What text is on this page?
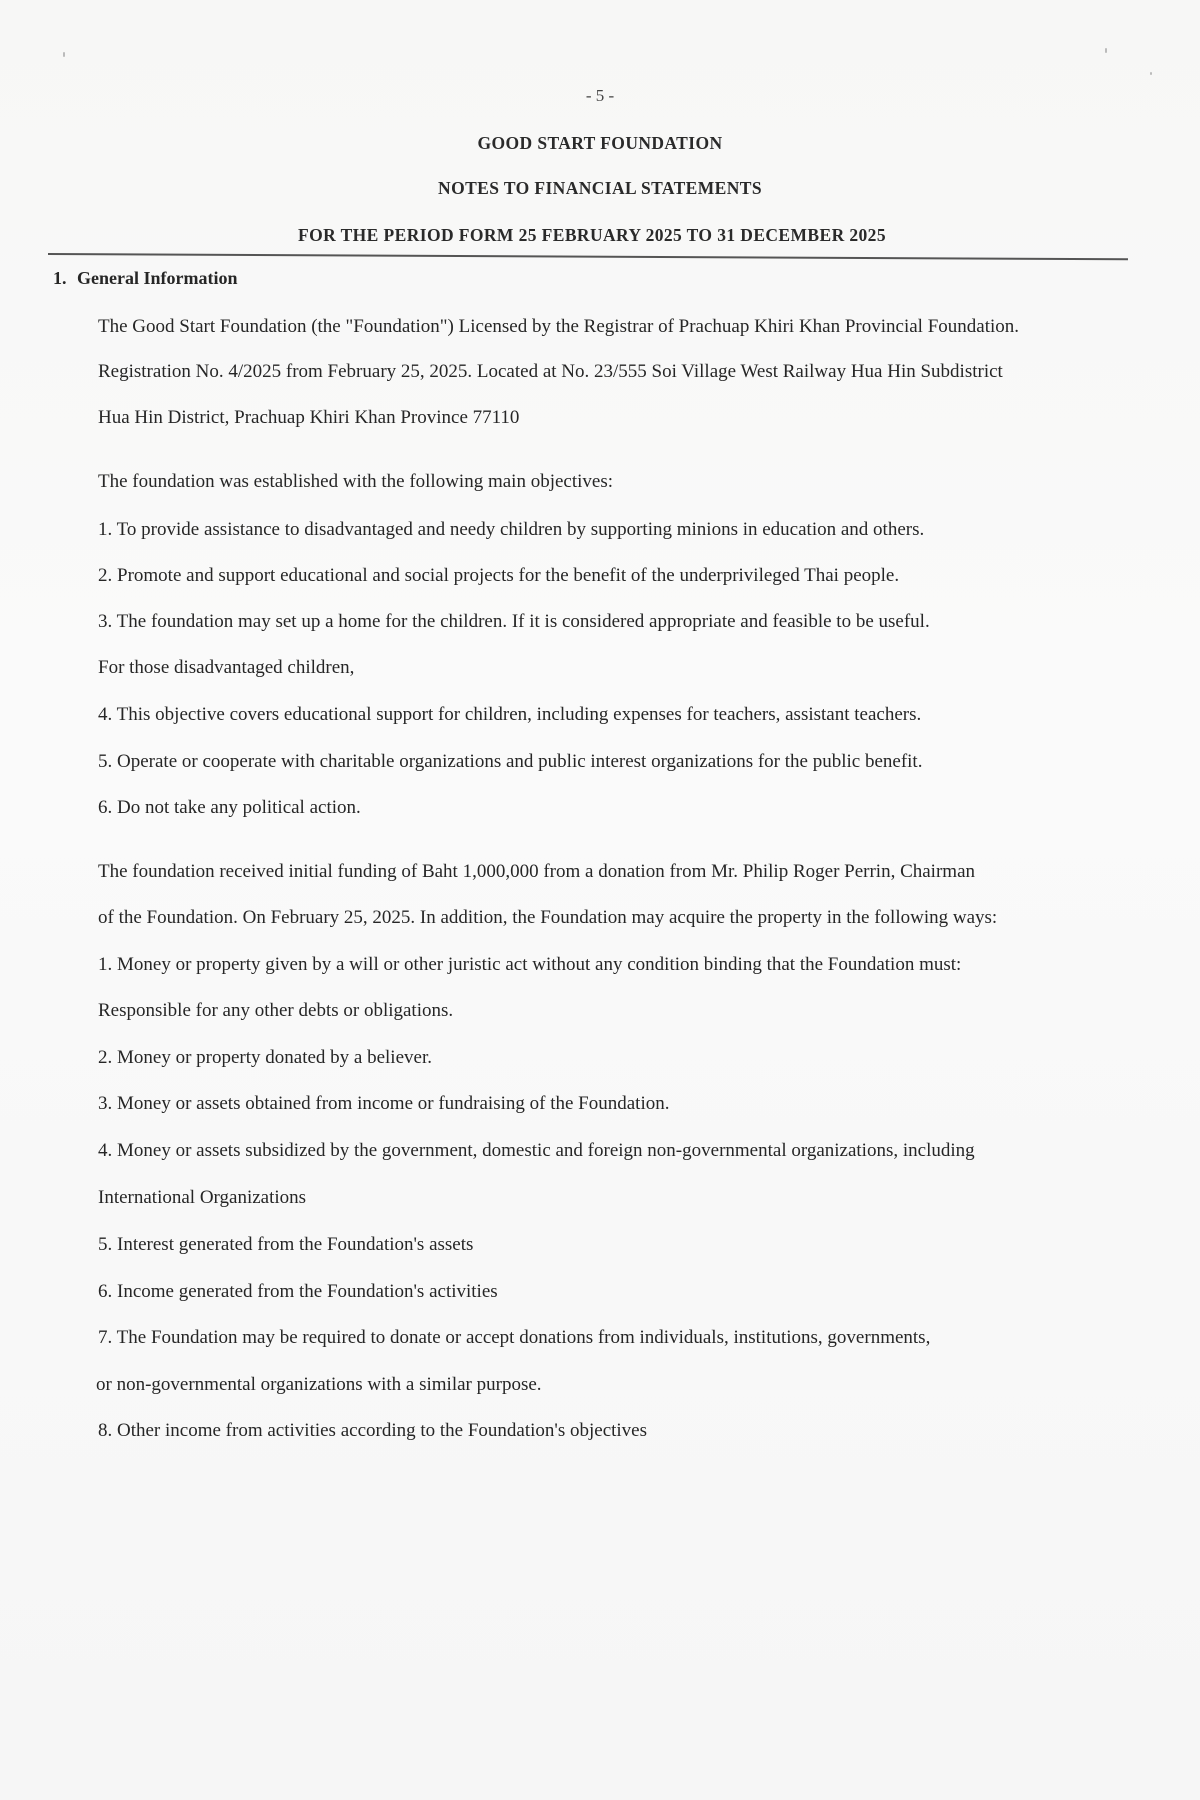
- 5 -
GOOD START FOUNDATION
NOTES TO FINANCIAL STATEMENTS
FOR THE PERIOD FORM 25 FEBRUARY 2025 TO 31 DECEMBER 2025
1. General Information
The Good Start Foundation (the "Foundation") Licensed by the Registrar of Prachuap Khiri Khan Provincial Foundation.
Registration No. 4/2025 from February 25, 2025. Located at No. 23/555 Soi Village West Railway Hua Hin Subdistrict
Hua Hin District, Prachuap Khiri Khan Province 77110
The foundation was established with the following main objectives:
1. To provide assistance to disadvantaged and needy children by supporting minions in education and others.
2. Promote and support educational and social projects for the benefit of the underprivileged Thai people.
3. The foundation may set up a home for the children. If it is considered appropriate and feasible to be useful.
For those disadvantaged children,
4. This objective covers educational support for children, including expenses for teachers, assistant teachers.
5. Operate or cooperate with charitable organizations and public interest organizations for the public benefit.
6. Do not take any political action.
The foundation received initial funding of Baht 1,000,000 from a donation from Mr. Philip Roger Perrin, Chairman
of the Foundation. On February 25, 2025. In addition, the Foundation may acquire the property in the following ways:
1. Money or property given by a will or other juristic act without any condition binding that the Foundation must:
Responsible for any other debts or obligations.
2. Money or property donated by a believer.
3. Money or assets obtained from income or fundraising of the Foundation.
4. Money or assets subsidized by the government, domestic and foreign non-governmental organizations, including
International Organizations
5. Interest generated from the Foundation's assets
6. Income generated from the Foundation's activities
7. The Foundation may be required to donate or accept donations from individuals, institutions, governments,
or non-governmental organizations with a similar purpose.
8. Other income from activities according to the Foundation's objectives
